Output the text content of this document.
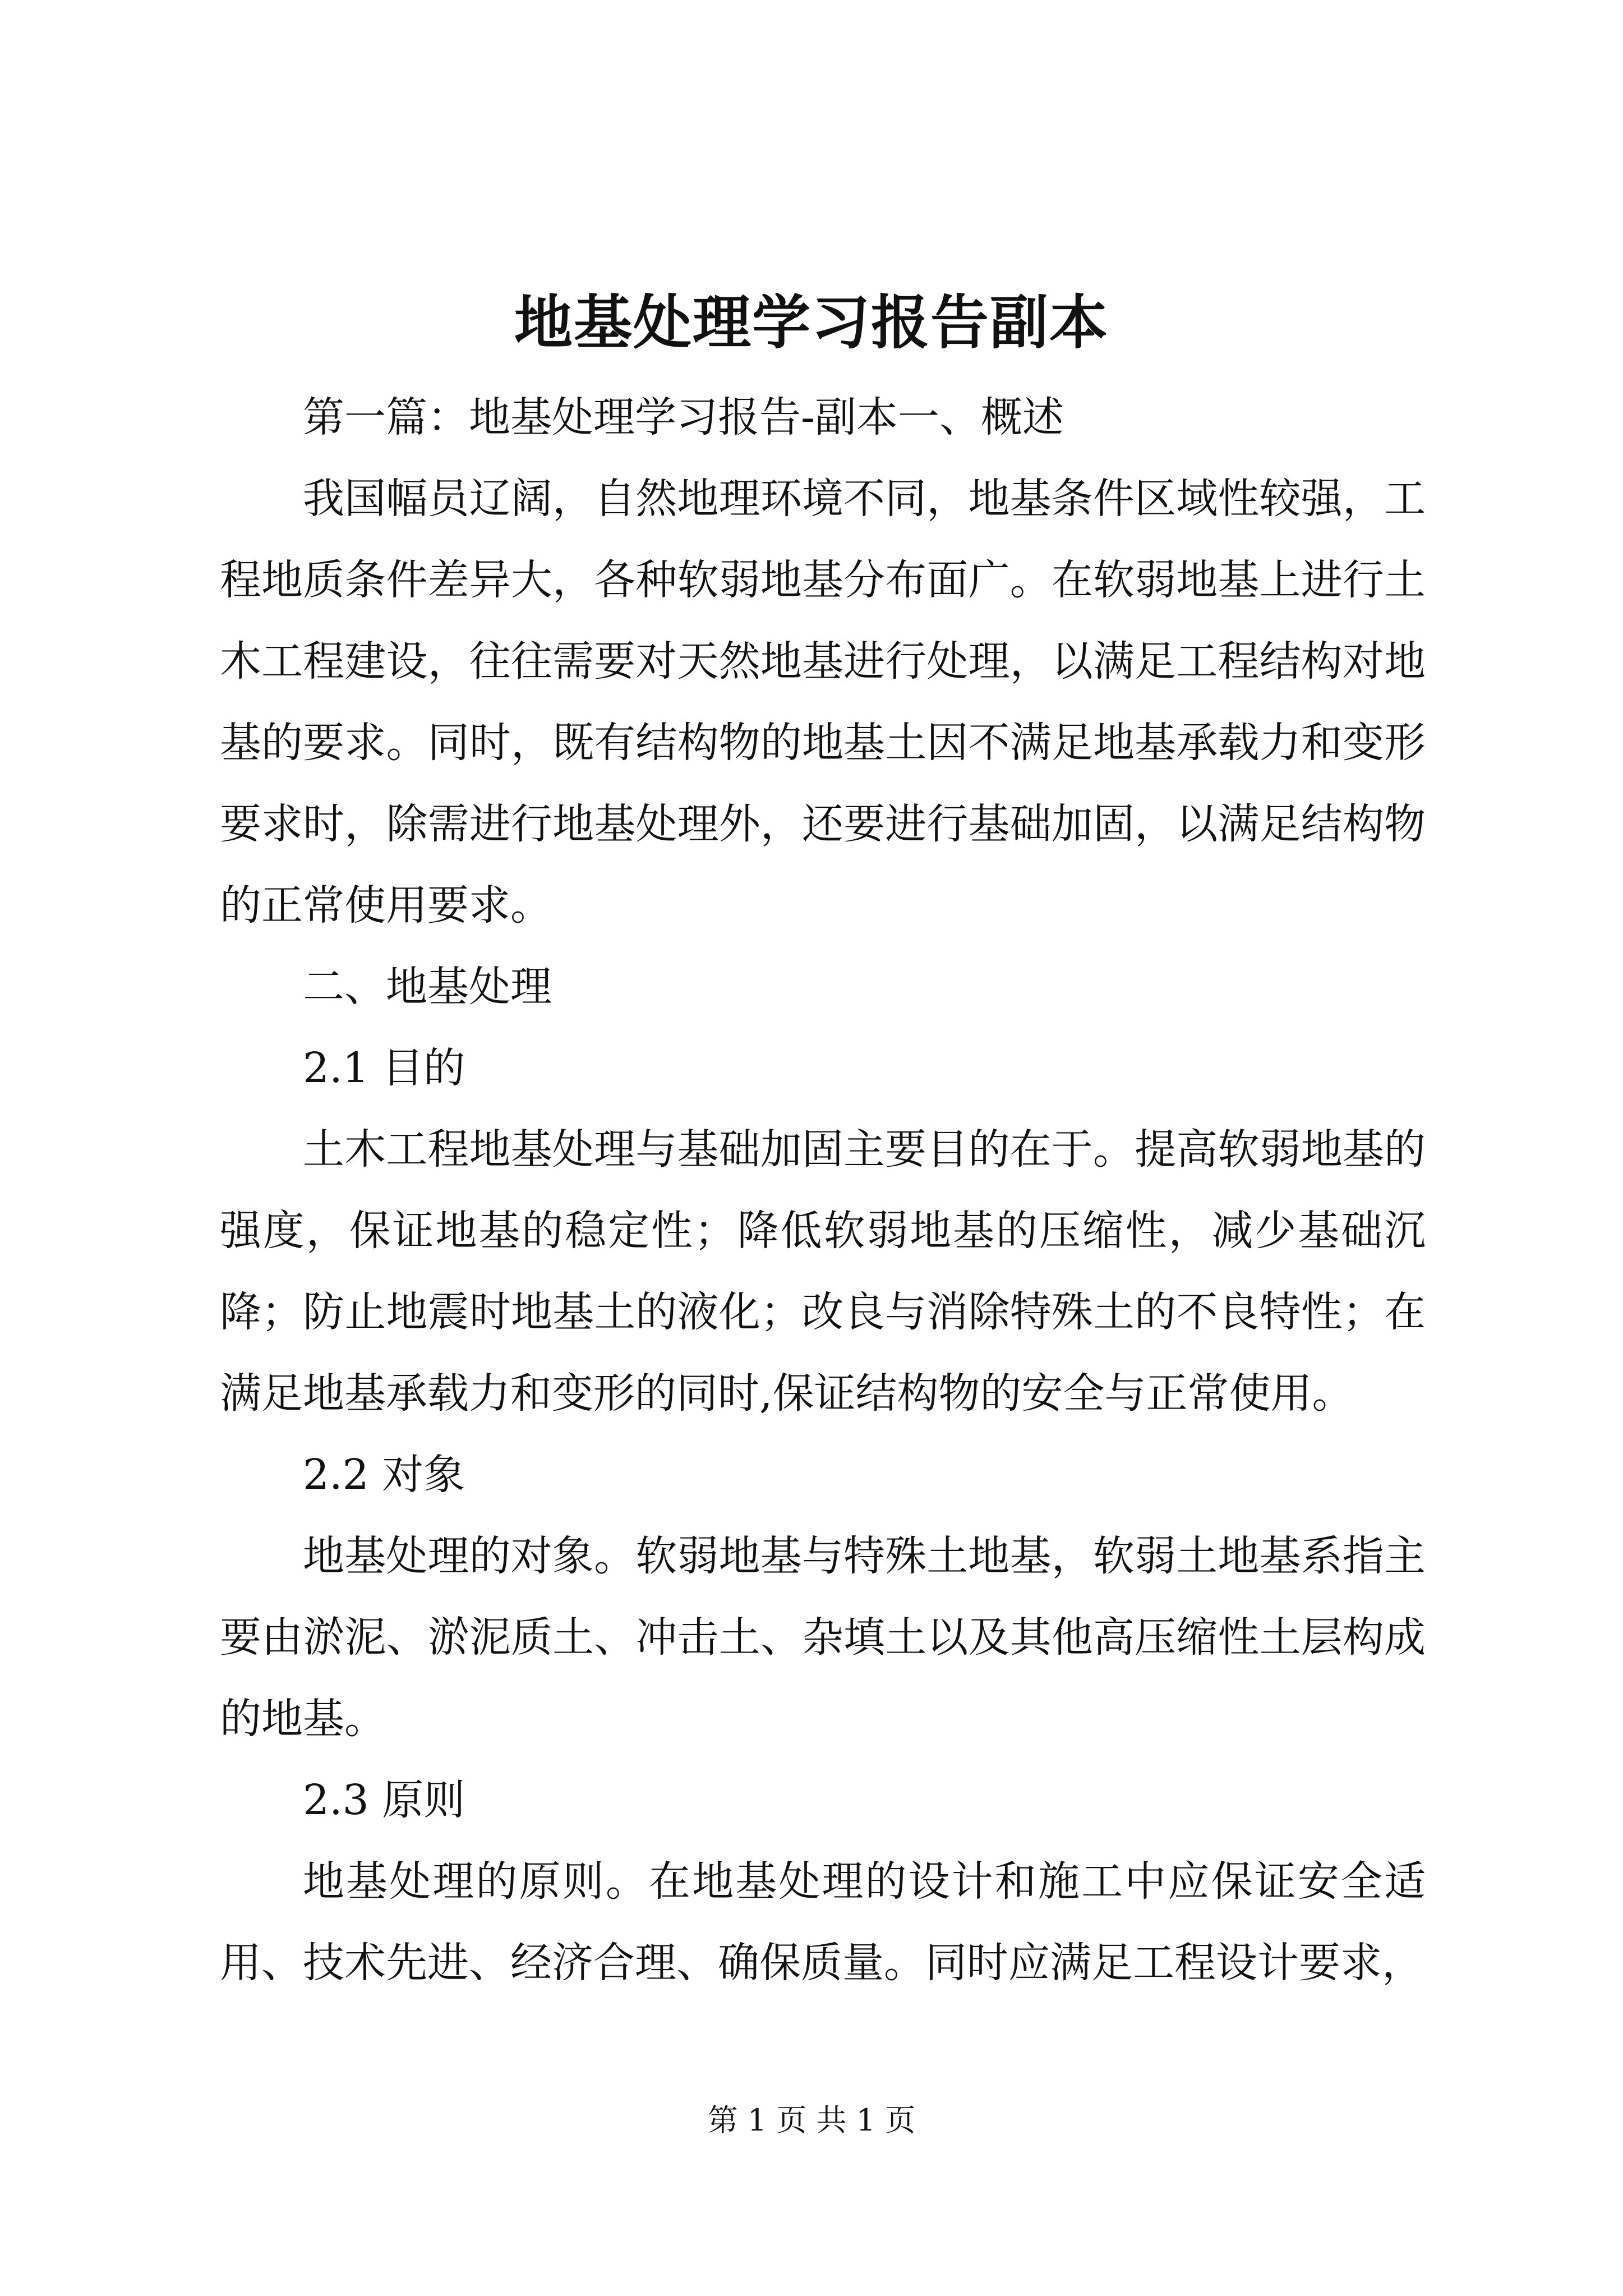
地基处理学习报告副本

第一篇：地基处理学习报告-副本一、概述

我国幅员辽阔，自然地理环境不同，地基条件区域性较强，工程地质条件差异大，各种软弱地基分布面广。在软弱地基上进行土木工程建设，往往需要对天然地基进行处理，以满足工程结构对地基的要求。同时，既有结构物的地基土因不满足地基承载力和变形要求时，除需进行地基处理外，还要进行基础加固，以满足结构物的正常使用要求。

二、地基处理

2.1 目的

土木工程地基处理与基础加固主要目的在于。提高软弱地基的强度，保证地基的稳定性；降低软弱地基的压缩性，减少基础沉降；防止地震时地基土的液化；改良与消除特殊土的不良特性；在满足地基承载力和变形的同时,保证结构物的安全与正常使用。

2.2 对象

地基处理的对象。软弱地基与特殊土地基，软弱土地基系指主要由淤泥、淤泥质土、冲击土、杂填土以及其他高压缩性土层构成的地基。

2.3 原则

地基处理的原则。在地基处理的设计和施工中应保证安全适用、技术先进、经济合理、确保质量。同时应满足工程设计要求，

第 1 页 共 1 页
